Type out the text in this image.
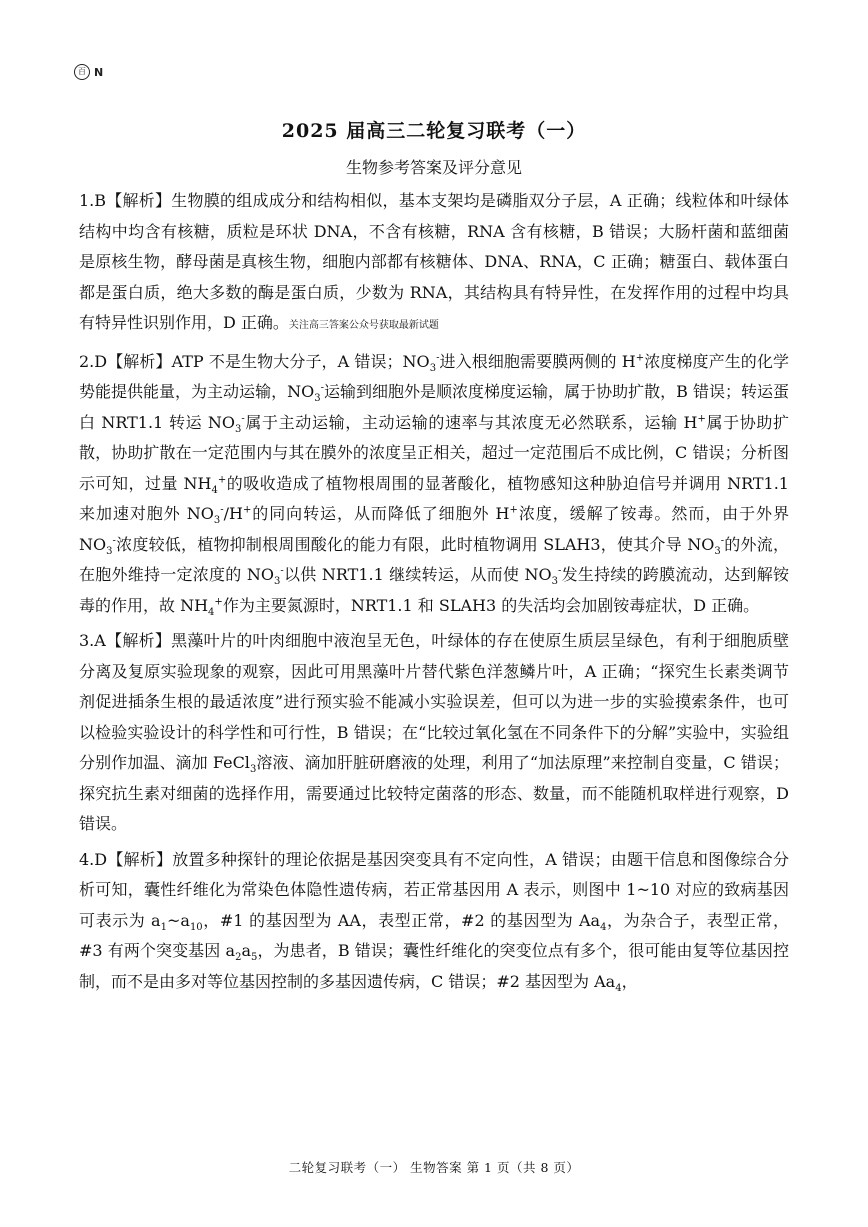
百 N
2025 届高三二轮复习联考（一）
生物参考答案及评分意见

1.B【解析】生物膜的组成成分和结构相似，基本支架均是磷脂双分子层，A 正确；线粒体和叶绿体结构中均含有核糖，质粒是环状 DNA，不含有核糖，RNA 含有核糖，B 错误；大肠杆菌和蓝细菌是原核生物，酵母菌是真核生物，细胞内部都有核糖体、DNA、RNA，C 正确；糖蛋白、载体蛋白都是蛋白质，绝大多数的酶是蛋白质，少数为 RNA，其结构具有特异性，在发挥作用的过程中均具有特异性识别作用，D 正确。关注高三答案公众号获取最新试题

2.D【解析】ATP 不是生物大分子，A 错误；$NO_3^-$进入根细胞需要膜两侧的 H+浓度梯度产生的化学势能提供能量，为主动运输，$NO_3^-$运输到细胞外是顺浓度梯度运输，属于协助扩散，B 错误；转运蛋白 NRT1.1 转运 $NO_3^-$属于主动运输，主动运输的速率与其浓度无必然联系，运输 H+属于协助扩散，协助扩散在一定范围内与其在膜外的浓度呈正相关，超过一定范围后不成比例，C 错误；分析图示可知，过量 $NH_4^+$的吸收造成了植物根周围的显著酸化，植物感知这种胁迫信号并调用 NRT1.1 来加速对胞外 $NO_3^-/H^+$的同向转运，从而降低了细胞外 H+浓度，缓解了铵毒。然而，由于外界 $NO_3^-$浓度较低，植物抑制根周围酸化的能力有限，此时植物调用 SLAH3，使其介导 $NO_3^-$的外流，在胞外维持一定浓度的 $NO_3^-$以供 NRT1.1 继续转运，从而使 $NO_3^-$发生持续的跨膜流动，达到解铵毒的作用，故 $NH_4^+$作为主要氮源时，NRT1.1 和 SLAH3 的失活均会加剧铵毒症状，D 正确。

3.A【解析】黑藻叶片的叶肉细胞中液泡呈无色，叶绿体的存在使原生质层呈绿色，有利于细胞质壁分离及复原实验现象的观察，因此可用黑藻叶片替代紫色洋葱鳞片叶，A 正确；“探究生长素类调节剂促进插条生根的最适浓度”进行预实验不能减小实验误差，但可以为进一步的实验摸索条件，也可以检验实验设计的科学性和可行性，B 错误；在“比较过氧化氢在不同条件下的分解”实验中，实验组分别作加温、滴加 FeCl$_3$溶液、滴加肝脏研磨液的处理，利用了“加法原理”来控制自变量，C 错误；探究抗生素对细菌的选择作用，需要通过比较特定菌落的形态、数量，而不能随机取样进行观察，D 错误。

4.D【解析】放置多种探针的理论依据是基因突变具有不定向性，A 错误；由题干信息和图像综合分析可知，囊性纤维化为常染色体隐性遗传病，若正常基因用 A 表示，则图中 1~10 对应的致病基因可表示为 $a_1\sim a_{10}$，#1 的基因型为 AA，表型正常，#2 的基因型为 $Aa_4$，为杂合子，表型正常，#3 有两个突变基因 $a_2a_5$，为患者，B 错误；囊性纤维化的突变位点有多个，很可能由复等位基因控制，而不是由多对等位基因控制的多基因遗传病，C 错误；#2 基因型为 $Aa_4$，

二轮复习联考（一） 生物答案 第 1 页（共 8 页）
